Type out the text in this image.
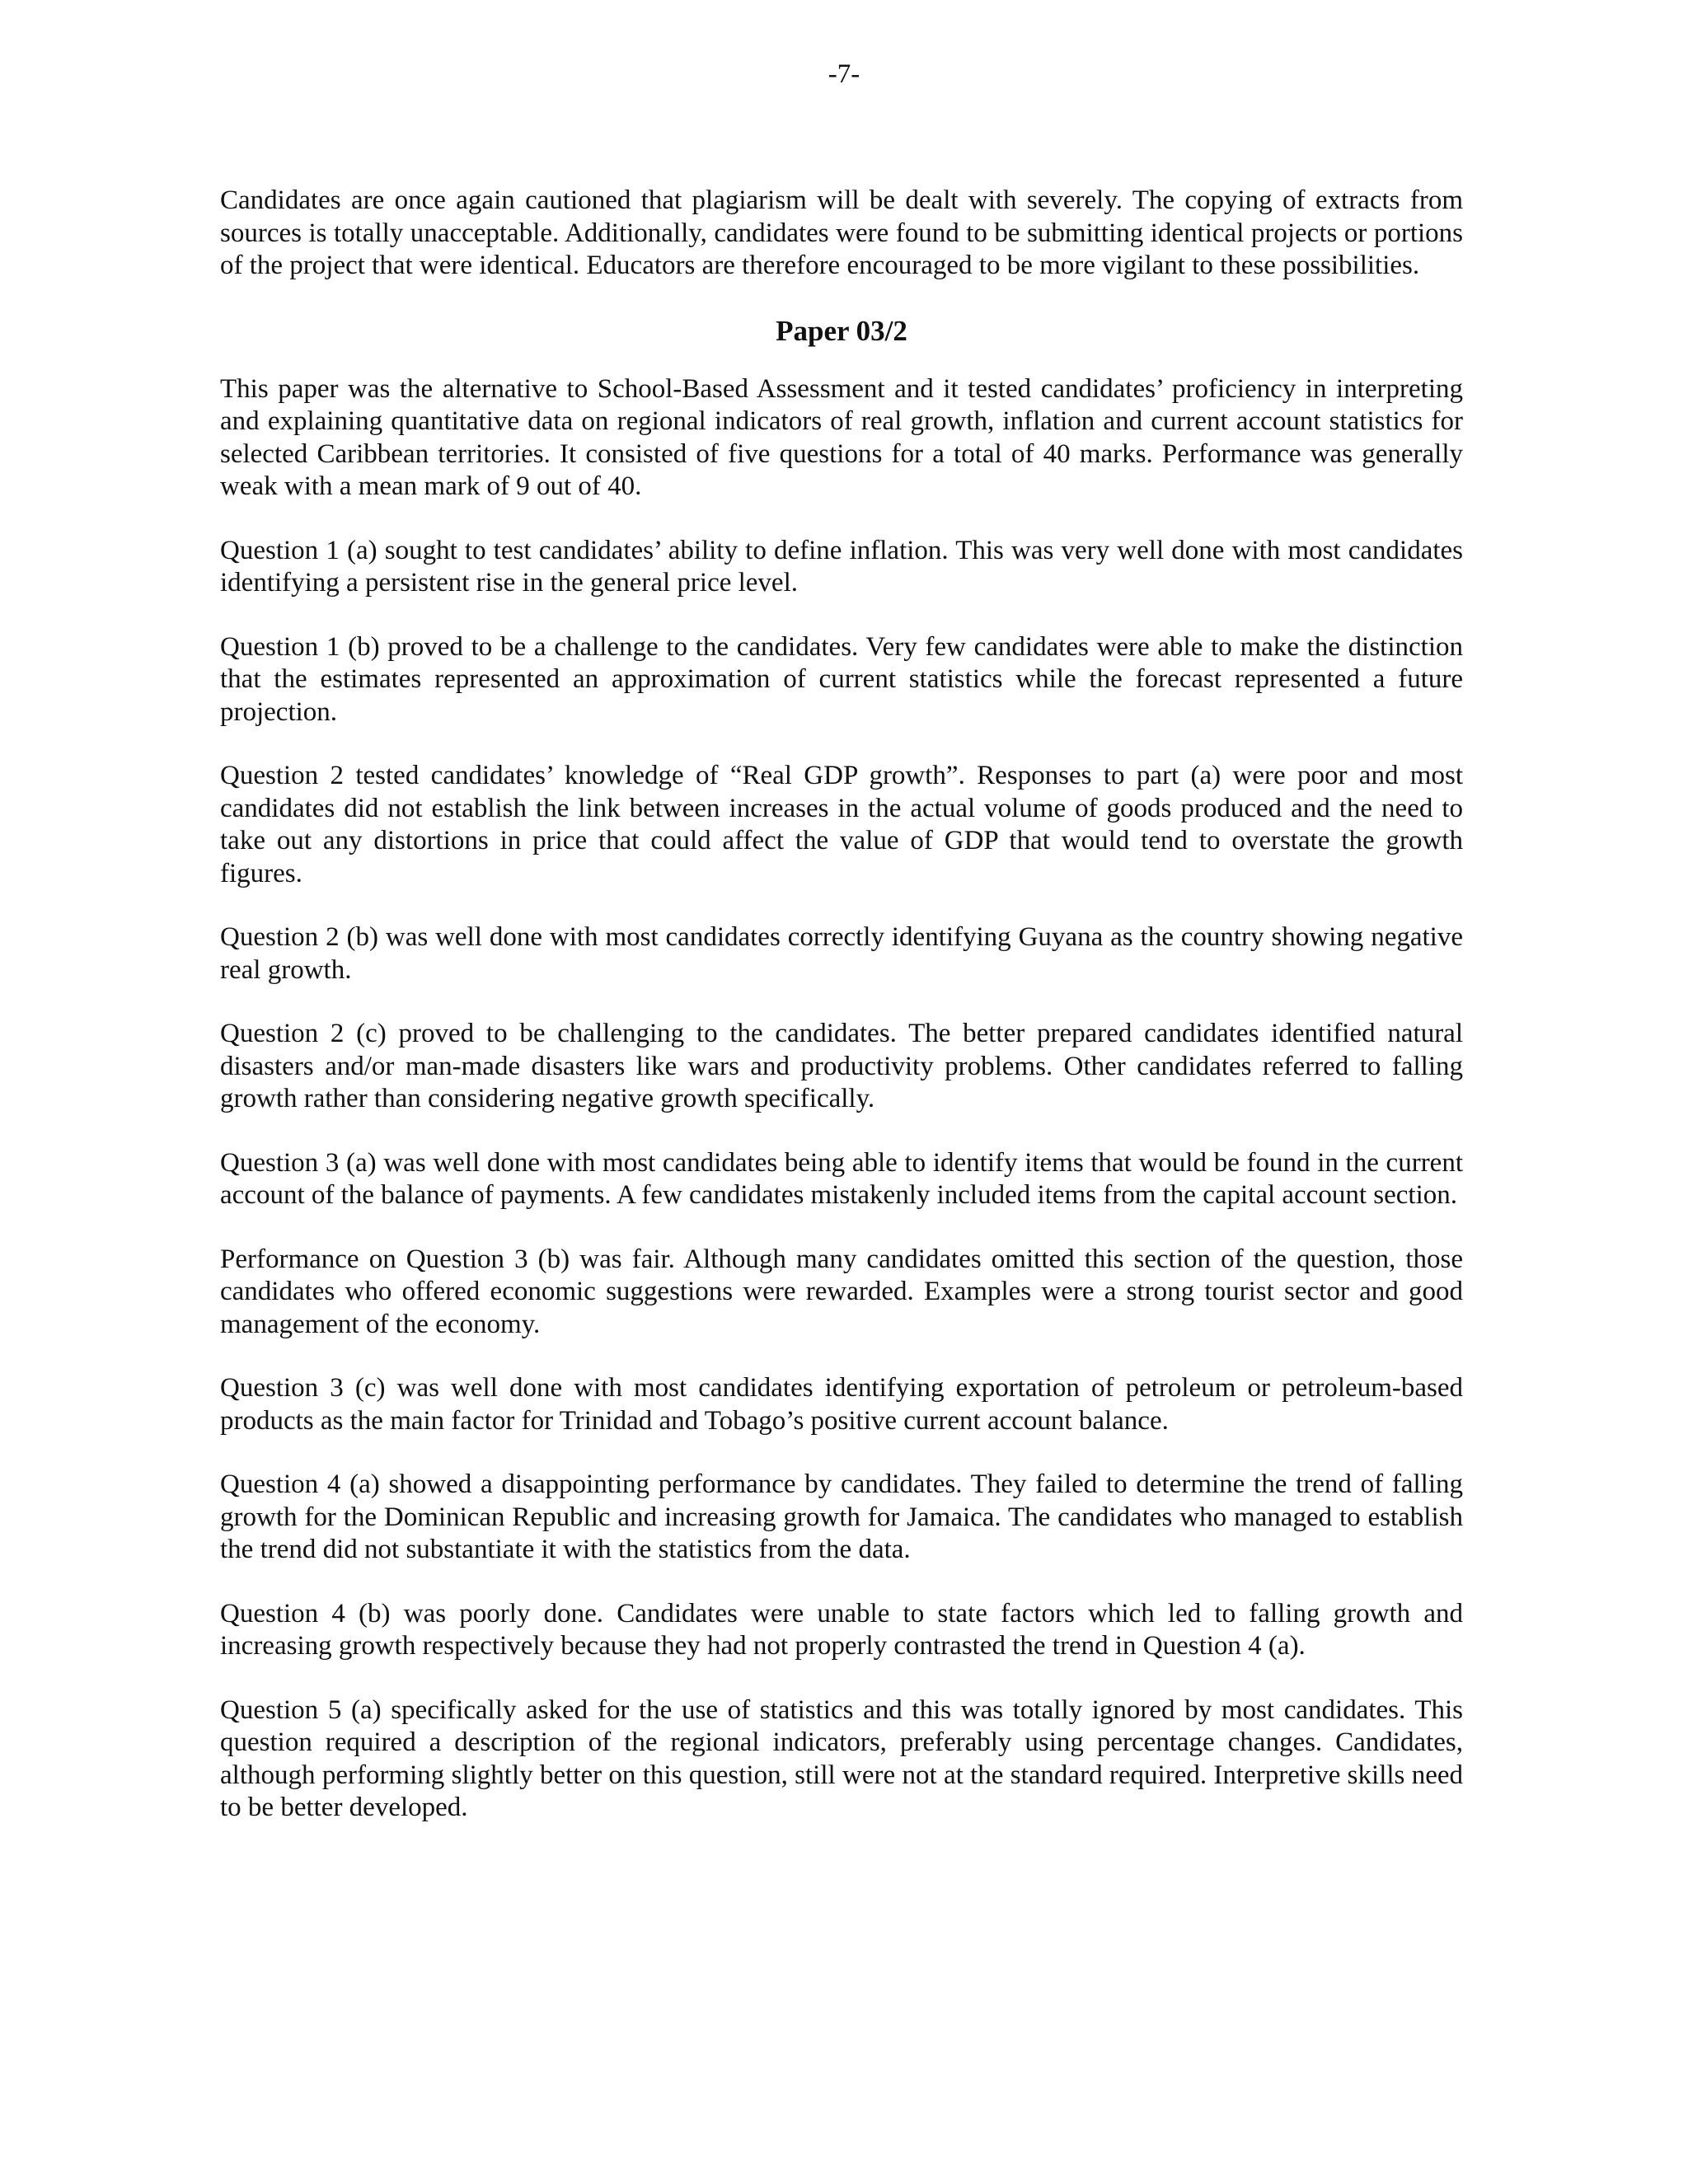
-7-

Candidates are once again cautioned that plagiarism will be dealt with severely. The copying of extracts from sources is totally unacceptable. Additionally, candidates were found to be submitting identical projects or portions of the project that were identical. Educators are therefore encouraged to be more vigilant to these possibilities.

Paper 03/2

This paper was the alternative to School-Based Assessment and it tested candidates’ proficiency in interpreting and explaining quantitative data on regional indicators of real growth, inflation and current account statistics for selected Caribbean territories. It consisted of five questions for a total of 40 marks. Performance was generally weak with a mean mark of 9 out of 40.

Question 1 (a) sought to test candidates’ ability to define inflation. This was very well done with most candidates identifying a persistent rise in the general price level.

Question 1 (b) proved to be a challenge to the candidates. Very few candidates were able to make the distinction that the estimates represented an approximation of current statistics while the forecast represented a future projection.

Question 2 tested candidates’ knowledge of “Real GDP growth”. Responses to part (a) were poor and most candidates did not establish the link between increases in the actual volume of goods produced and the need to take out any distortions in price that could affect the value of GDP that would tend to overstate the growth figures.

Question 2 (b) was well done with most candidates correctly identifying Guyana as the country showing negative real growth.

Question 2 (c) proved to be challenging to the candidates. The better prepared candidates identified natural disasters and/or man-made disasters like wars and productivity problems. Other candidates referred to falling growth rather than considering negative growth specifically.

Question 3 (a) was well done with most candidates being able to identify items that would be found in the current account of the balance of payments. A few candidates mistakenly included items from the capital account section.

Performance on Question 3 (b) was fair. Although many candidates omitted this section of the question, those candidates who offered economic suggestions were rewarded. Examples were a strong tourist sector and good management of the economy.

Question 3 (c) was well done with most candidates identifying exportation of petroleum or petroleum-based products as the main factor for Trinidad and Tobago’s positive current account balance.

Question 4 (a) showed a disappointing performance by candidates. They failed to determine the trend of falling growth for the Dominican Republic and increasing growth for Jamaica. The candidates who managed to establish the trend did not substantiate it with the statistics from the data.

Question 4 (b) was poorly done. Candidates were unable to state factors which led to falling growth and increasing growth respectively because they had not properly contrasted the trend in Question 4 (a).

Question 5 (a) specifically asked for the use of statistics and this was totally ignored by most candidates. This question required a description of the regional indicators, preferably using percentage changes. Candidates, although performing slightly better on this question, still were not at the standard required. Interpretive skills need to be better developed.
